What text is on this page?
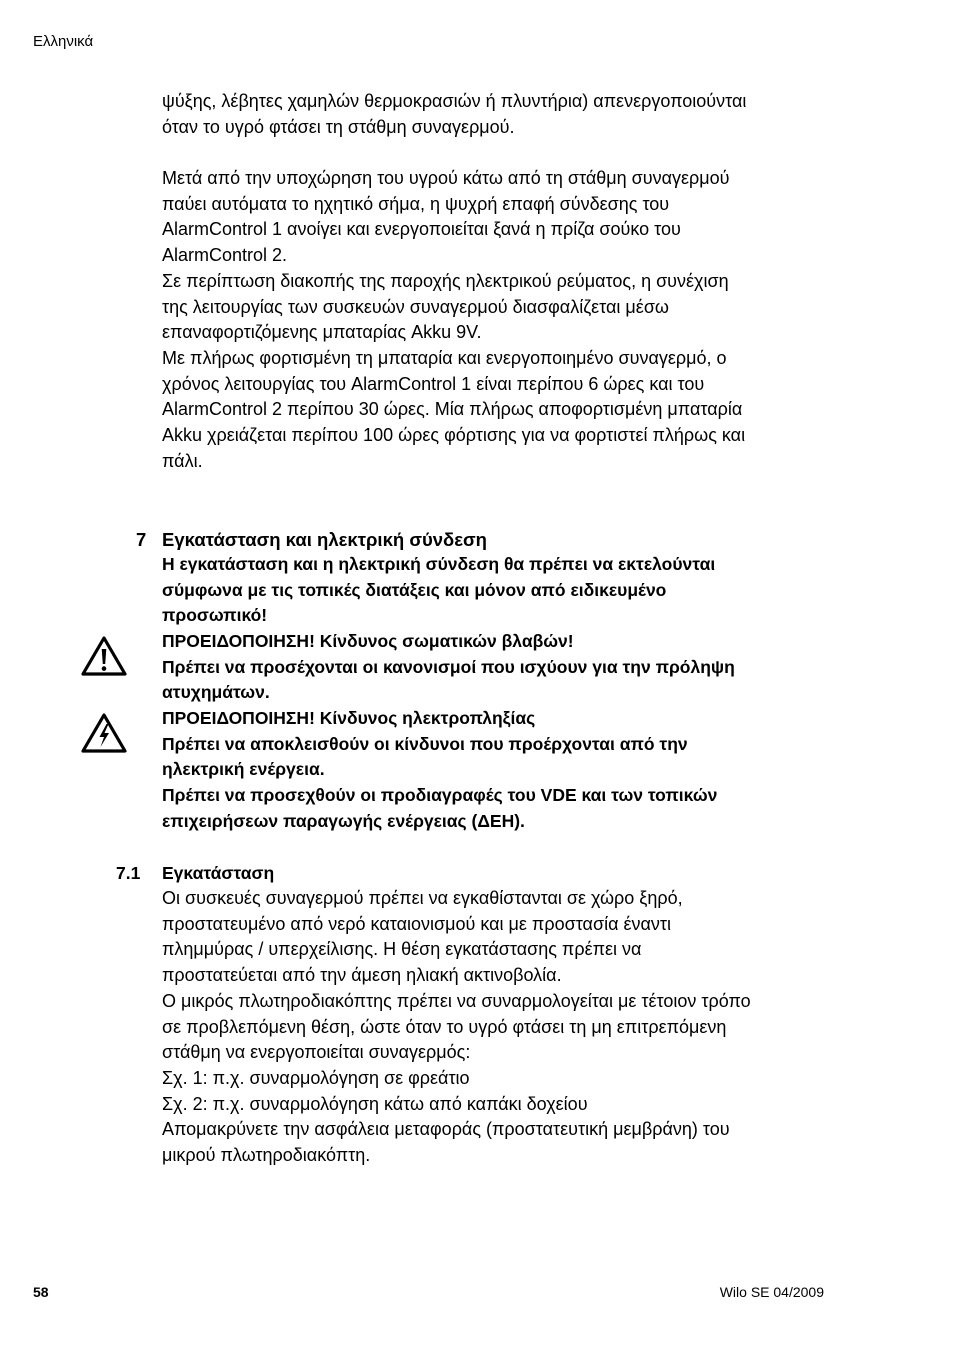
Ελληνικά

ψύξης, λέβητες χαμηλών θερμοκρασιών ή πλυντήρια) απενεργοποιούνται

όταν το υγρό φτάσει τη στάθμη συναγερμού.

Μετά από την υποχώρηση του υγρού κάτω από τη στάθμη συναγερμού

παύει αυτόματα το ηχητικό σήμα, η ψυχρή επαφή σύνδεσης του

AlarmControl 1 ανοίγει και ενεργοποιείται ξανά η πρίζα σούκο του

AlarmControl 2.

Σε περίπτωση διακοπής της παροχής ηλεκτρικού ρεύματος, η συνέχιση

της λειτουργίας των συσκευών συναγερμού διασφαλίζεται μέσω

επαναφορτιζόμενης μπαταρίας Akku 9V.

Με πλήρως φορτισμένη τη μπαταρία και ενεργοποιημένο συναγερμό, ο

χρόνος λειτουργίας του AlarmControl 1 είναι περίπου 6 ώρες και του

AlarmControl 2 περίπου 30 ώρες. Μία πλήρως αποφορτισμένη μπαταρία

Akku χρειάζεται περίπου 100 ώρες φόρτισης για να φορτιστεί πλήρως και

πάλι.

7 Εγκατάσταση και ηλεκτρική σύνδεση

Η εγκατάσταση και η ηλεκτρική σύνδεση θα πρέπει να εκτελούνται

σύμφωνα με τις τοπικές διατάξεις και μόνον από ειδικευμένο

προσωπικό!

ΠΡΟΕΙΔΟΠΟΙΗΣΗ! Κίνδυνος σωματικών βλαβών!

Πρέπει να προσέχονται οι κανονισμοί που ισχύουν για την πρόληψη

ατυχημάτων.

ΠΡΟΕΙΔΟΠΟΙΗΣΗ! Κίνδυνος ηλεκτροπληξίας

Πρέπει να αποκλεισθούν οι κίνδυνοι που προέρχονται από την

ηλεκτρική ενέργεια.

Πρέπει να προσεχθούν οι προδιαγραφές του VDE και των τοπικών

επιχειρήσεων παραγωγής ενέργειας (ΔΕΗ).

7.1 Εγκατάσταση

Οι συσκευές συναγερμού πρέπει να εγκαθίστανται σε χώρο ξηρό,

προστατευμένο από νερό καταιονισμού και με προστασία έναντι

πλημμύρας / υπερχείλισης. Η θέση εγκατάστασης πρέπει να

προστατεύεται από την άμεση ηλιακή ακτινοβολία.

Ο μικρός πλωτηροδιακόπτης πρέπει να συναρμολογείται με τέτοιον τρόπο

σε προβλεπόμενη θέση, ώστε όταν το υγρό φτάσει τη μη επιτρεπόμενη

στάθμη να ενεργοποιείται συναγερμός:

Σχ. 1: π.χ. συναρμολόγηση σε φρεάτιο

Σχ. 2: π.χ. συναρμολόγηση κάτω από καπάκι δοχείου

Απομακρύνετε την ασφάλεια μεταφοράς (προστατευτική μεμβράνη) του

μικρού πλωτηροδιακόπτη.

58	Wilo SE 04/2009
